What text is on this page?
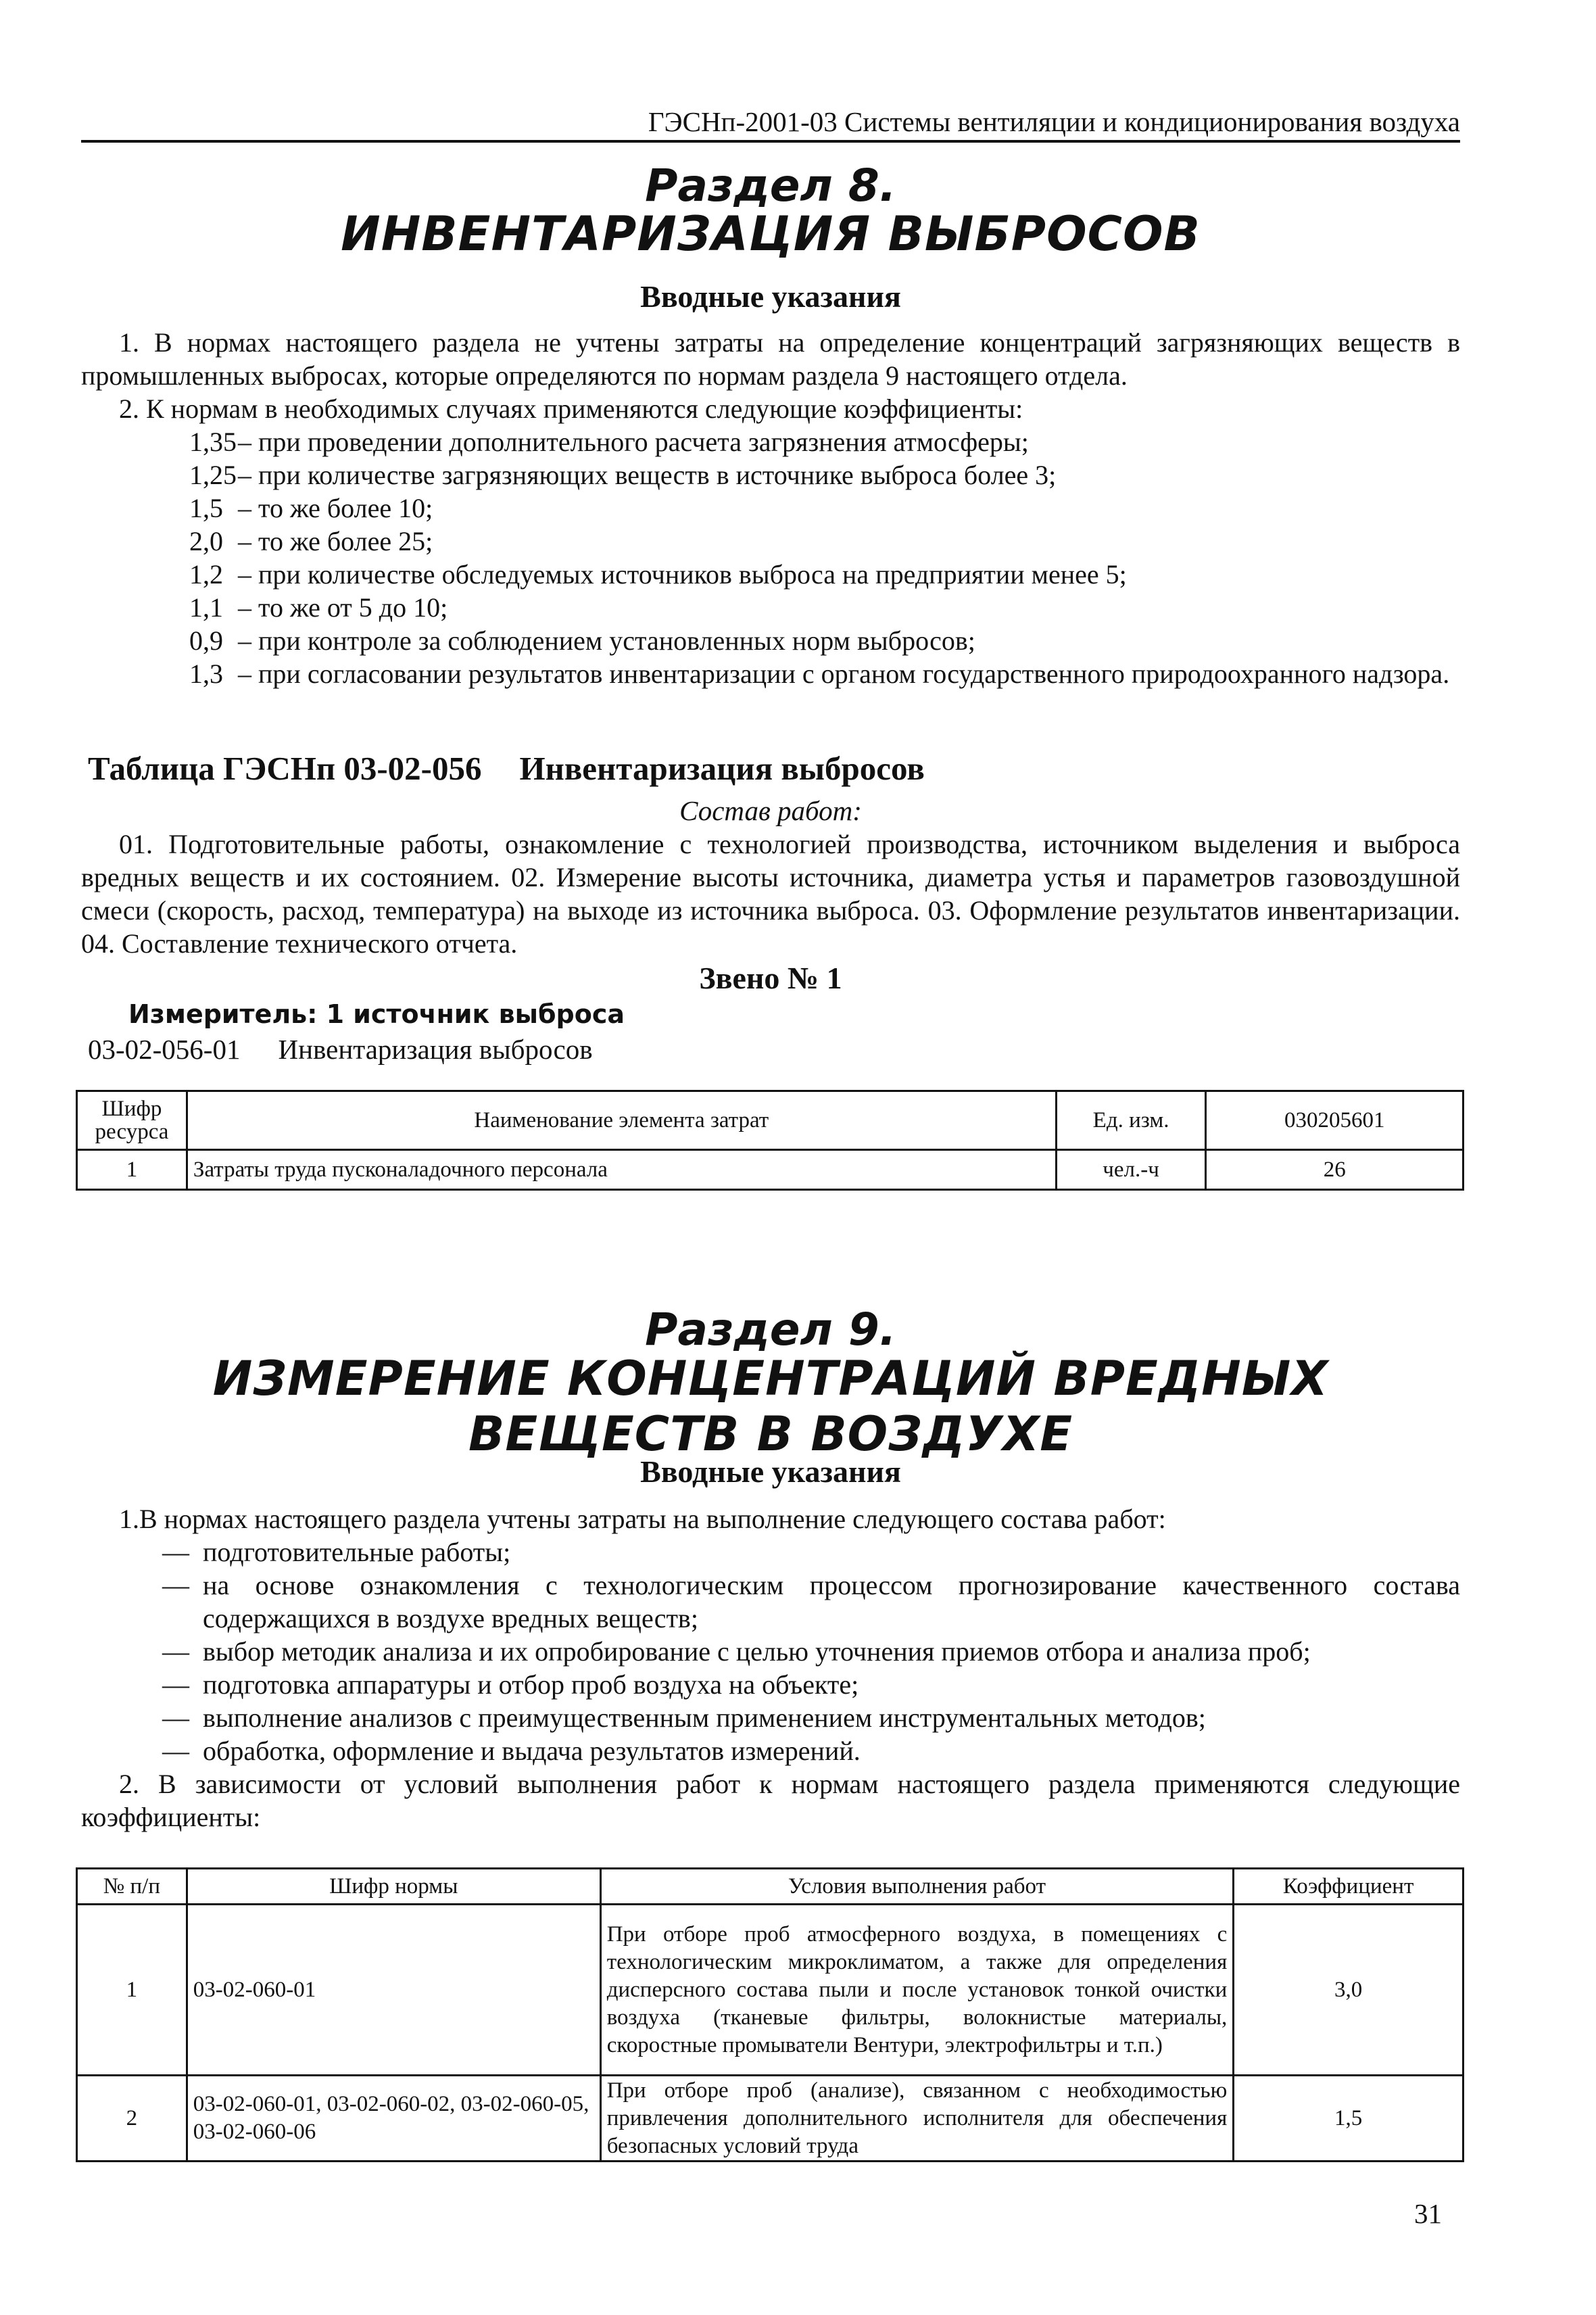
ГЭСНп-2001-03 Системы вентиляции и кондиционирования воздуха
Раздел 8.
ИНВЕНТАРИЗАЦИЯ ВЫБРОСОВ
Вводные указания

1. В нормах настоящего раздела не учтены затраты на определение концентраций загрязняющих веществ в промышленных выбросах, которые определяются по нормам раздела 9 настоящего отдела.

2. К нормам в необходимых случаях применяются следующие коэффициенты:

1,35 – при проведении дополнительного расчета загрязнения атмосферы;
1,25 – при количестве загрязняющих веществ в источнике выброса более 3;
1,5 – то же более 10;
2,0 – то же более 25;
1,2 – при количестве обследуемых источников выброса на предприятии менее 5;
1,1 – то же от 5 до 10;
0,9 – при контроле за соблюдением установленных норм выбросов;
1,3 – при согласовании результатов инвентаризации с органом государственного природоохранного надзора.
Таблица ГЭСНп 03-02-056 Инвентаризация выбросов
Состав работ:

01. Подготовительные работы, ознакомление с технологией производства, источником выделения и выброса вредных веществ и их состоянием. 02. Измерение высоты источника, диаметра устья и параметров газовоздушной смеси (скорость, расход, температура) на выходе из источника выброса. 03. Оформление результатов инвентаризации. 04. Составление технического отчета.

Звено № 1
Измеритель: 1 источник выброса
03-02-056-01 Инвентаризация выбросов
Шифр ресурса	Наименование элемента затрат	Ед. изм.	030205601
1	Затраты труда пусконаладочного персонала	чел.-ч	26
Раздел 9.
ИЗМЕРЕНИЕ КОНЦЕНТРАЦИЙ ВРЕДНЫХ ВЕЩЕСТВ В ВОЗДУХЕ
Вводные указания

1.В нормах настоящего раздела учтены затраты на выполнение следующего состава работ:

— подготовительные работы;
— на основе ознакомления с технологическим процессом прогнозирование качественного состава содержащихся в воздухе вредных веществ;
— выбор методик анализа и их опробирование с целью уточнения приемов отбора и анализа проб;
— подготовка аппаратуры и отбор проб воздуха на объекте;
— выполнение анализов с преимущественным применением инструментальных методов;
— обработка, оформление и выдача результатов измерений.

2. В зависимости от условий выполнения работ к нормам настоящего раздела применяются следующие коэффициенты:

№ п/п	Шифр нормы	Условия выполнения работ	Коэффициент
1	03-02-060-01	При отборе проб атмосферного воздуха, в помещениях с технологическим микроклиматом, а также для определения дисперсного состава пыли и после установок тонкой очистки воздуха (тканевые фильтры, волокнистые материалы, скоростные промыватели Вентури, электрофильтры и т.п.)	3,0
2	03-02-060-01, 03-02-060-02, 03-02-060-05, 03-02-060-06	При отборе проб (анализе), связанном с необходимостью привлечения дополнительного исполнителя для обеспечения безопасных условий труда	1,5
31
